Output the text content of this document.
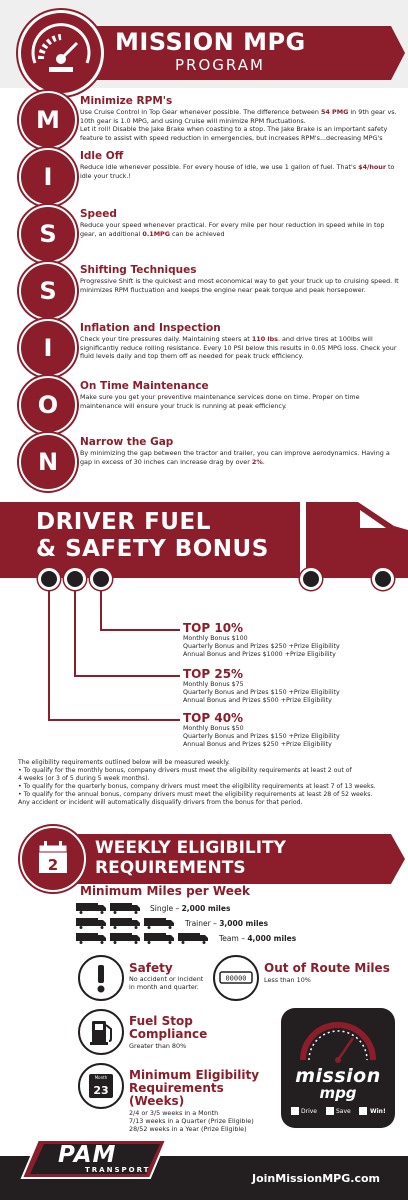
MISSION MPG
PROGRAM
M
I
S
S
I
O
N
Minimize RPM's

Use Cruise Control in Top Gear whenever possible. The difference between 54 PMG in 9th gear vs. 10th gear is 1.0 MPG, and using Cruise will minimize RPM fluctuations.
Let it roll! Disable the Jake Brake when coasting to a stop. The Jake Brake is an important safety feature to assist with speed reduction in emergencies, but increases RPM's...decreasing MPG's

Idle Off

Reduce idle whenever possible. For every house of idle, we use 1 gallon of fuel. That's $4/hour to idle your truck.!

Speed

Reduce your speed whenever practical. For every mile per hour reduction in speed while in top gear, an additional 0.1MPG can be achieved

Shifting Techniques

Progressive Shift is the quickest and most economical way to get your truck up to cruising speed. It minimizes RPM fluctuation and keeps the engine near peak torque and peak horsepower.

Inflation and Inspection

Check your tire pressures daily. Maintaining steers at 110 lbs. and drive tires at 100lbs will significantly reduce rolling resistance. Every 10 PSI below this results in 0.05 MPG loss. Check your fluid levels daily and top them off as needed for peak truck efficiency.

On Time Maintenance

Make sure you get your preventive maintenance services done on time. Proper on time maintenance will ensure your truck is running at peak efficiency.

Narrow the Gap

By minimizing the gap between the tractor and trailer, you can improve aerodynamics. Having a gap in excess of 30 inches can increase drag by over 2%.

DRIVER FUEL
& SAFETY BONUS
TOP 10%

Monthly Bonus $100

Quarterly Bonus and Prizes $250 +Prize Eligibility

Annual Bonus and Prizes $1000 +Prize Eligibility

TOP 25%

Monthly Bonus $75

Quarterly Bonus and Prizes $150 +Prize Eligibility

Annual Bonus and Prizes $500 +Prize Eligibility

TOP 40%

Monthly Bonus $50

Quarterly Bonus and Prizes $150 +Prize Eligibility

Annual Bonus and Prizes $250 +Prize Eligibility

The eligibility requirements outlined below will be measured weekly.

• To qualify for the monthly bonus, company drivers must meet the eligibility requirements at least 2 out of

4 weeks (or 3 of 5 during 5 week months).

• To qualify for the quarterly bonus, company drivers must meet the eligibility requirements at least 7 of 13 weeks.

• To qualify for the annual bonus, company drivers must meet the eligibility requirements at least 28 of 52 weeks.

Any accident or incident will automatically disqualify drivers from the bonus for that period.

2
WEEKLY ELIGIBILITY
REQUIREMENTS
Minimum Miles per Week
Single – 2,000 miles
Trainer – 3,000 miles
Team – 4,000 miles
Safety
No accident or incident
in month and quarter.
00000
Out of Route Miles
Less than 10%
Fuel Stop
Compliance
Greater than 80%
Month
23
Minimum Eligibility
Requirements
(Weeks)
2/4 or 3/5 weeks in a Month
7/13 weeks in a Quarter (Prize Eligible)
28/52 weeks in a Year (Prize Eligible)
mission
mpg
Drive	Save	Win!
PAM
TRANSPORT
JoinMissionMPG.com
